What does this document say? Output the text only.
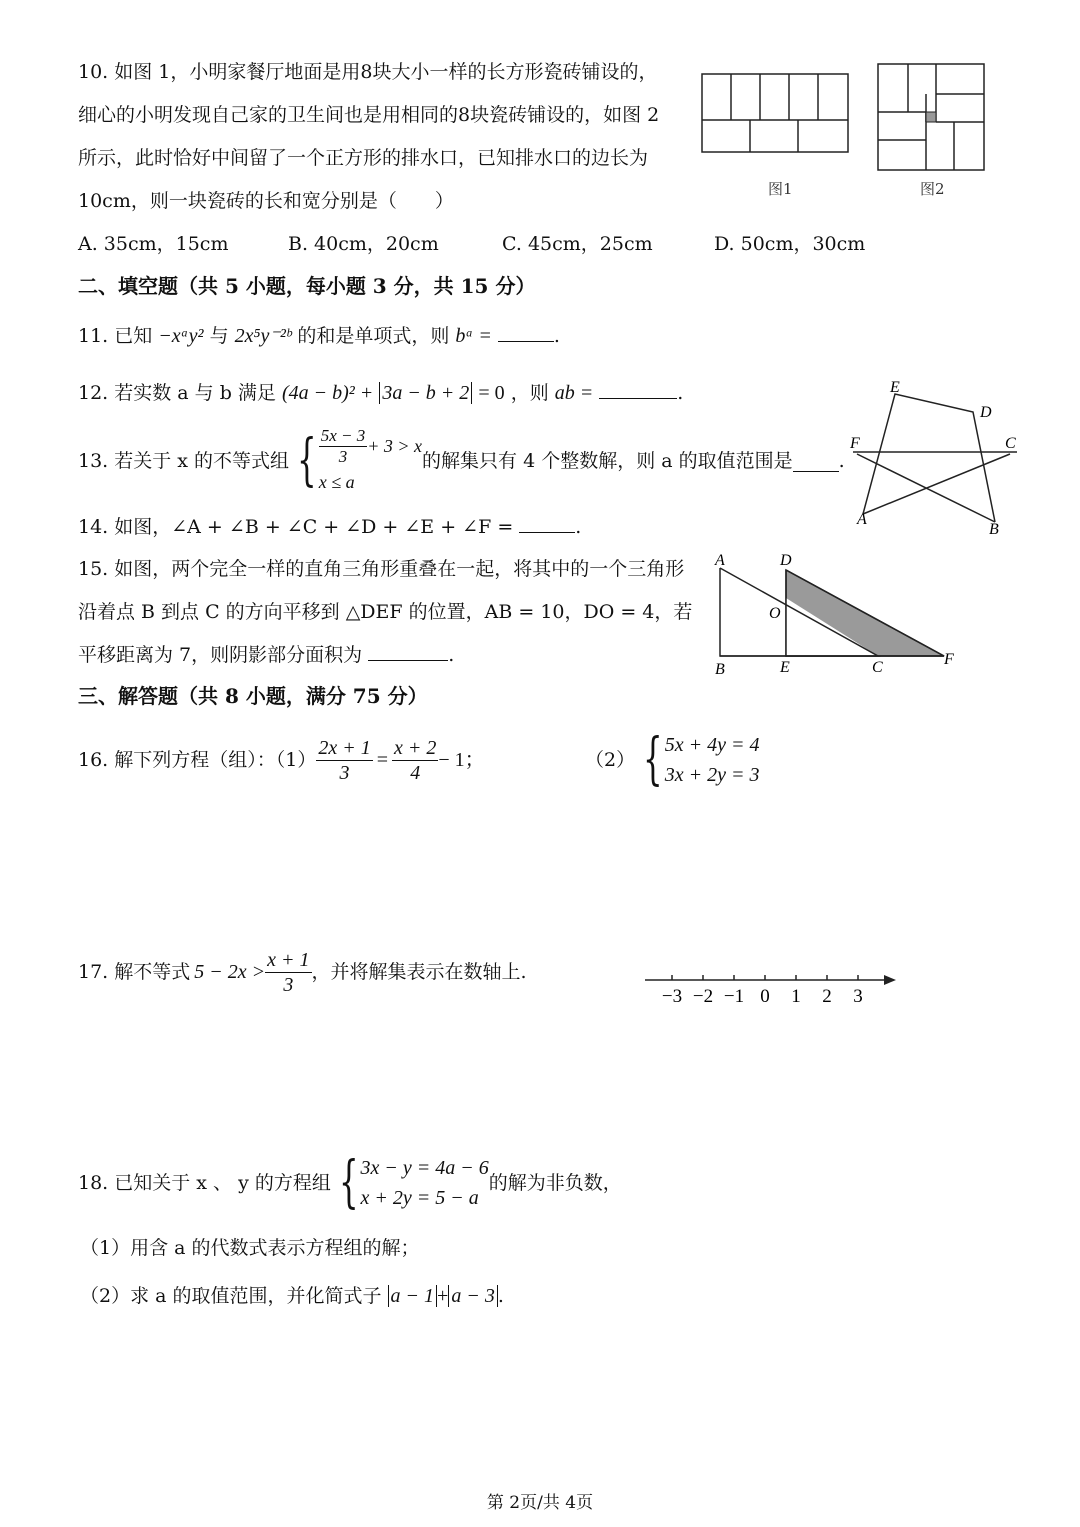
10. 如图 1，小明家餐厅地面是用8块大小一样的长方形瓷砖铺设的，
细心的小明发现自己家的卫生间也是用相同的8块瓷砖铺设的，如图 2
所示，此时恰好中间留了一个正方形的排水口，已知排水口的边长为
10cm，则一块瓷砖的长和宽分别是（　　）
图1	图2
A. 35cm，15cm	B. 40cm，20cm	C. 45cm，25cm	D. 50cm，30cm
二、填空题（共 5 小题，每小题 3 分，共 15 分）
11. 已知 −xᵃy² 与 2x⁵y⁻²ᵇ 的和是单项式，则 bᵃ =	.
12. 若实数 a 与 b 满足 (4a − b)² + 3a − b + 2 = 0 ，则 ab =	.
13. 若关于 x 的不等式组 { $\frac{5x - 3}{3} + 3 > x$
x ≤ a
的解集只有 4 个整数解，则 a 的取值范围是 .
E
D
F	C
A
B
14. 如图，∠A + ∠B + ∠C + ∠D + ∠E + ∠F =	.
15. 如图，两个完全一样的直角三角形重叠在一起，将其中的一个三角形
沿着点 B 到点 C 的方向平移到 △DEF 的位置，AB = 10，DO = 4，若
平移距离为 7，则阴影部分面积为	.
A	D
O
B	E	C	F
三、解答题（共 8 小题，满分 75 分）
16. 解下列方程（组）：$(1) \frac{2x + 1}{3} = \frac{x + 2}{4} - 1$；	（2） { 5x + 4y = 4
3x + 2y = 3
17. 解不等式 $5 - 2x > \frac{x + 1}{3}$ ，并将解集表示在数轴上.
−3 −2 −1 0 1 2 3
18. 已知关于 x 、 y 的方程组 { 3x − y = 4a − 6
x + 2y = 5 − a
的解为非负数，
（1）用含 a 的代数式表示方程组的解；
（2）求 a 的取值范围，并化简式子 a − 1 + a − 3 .
第 2页/共 4页
